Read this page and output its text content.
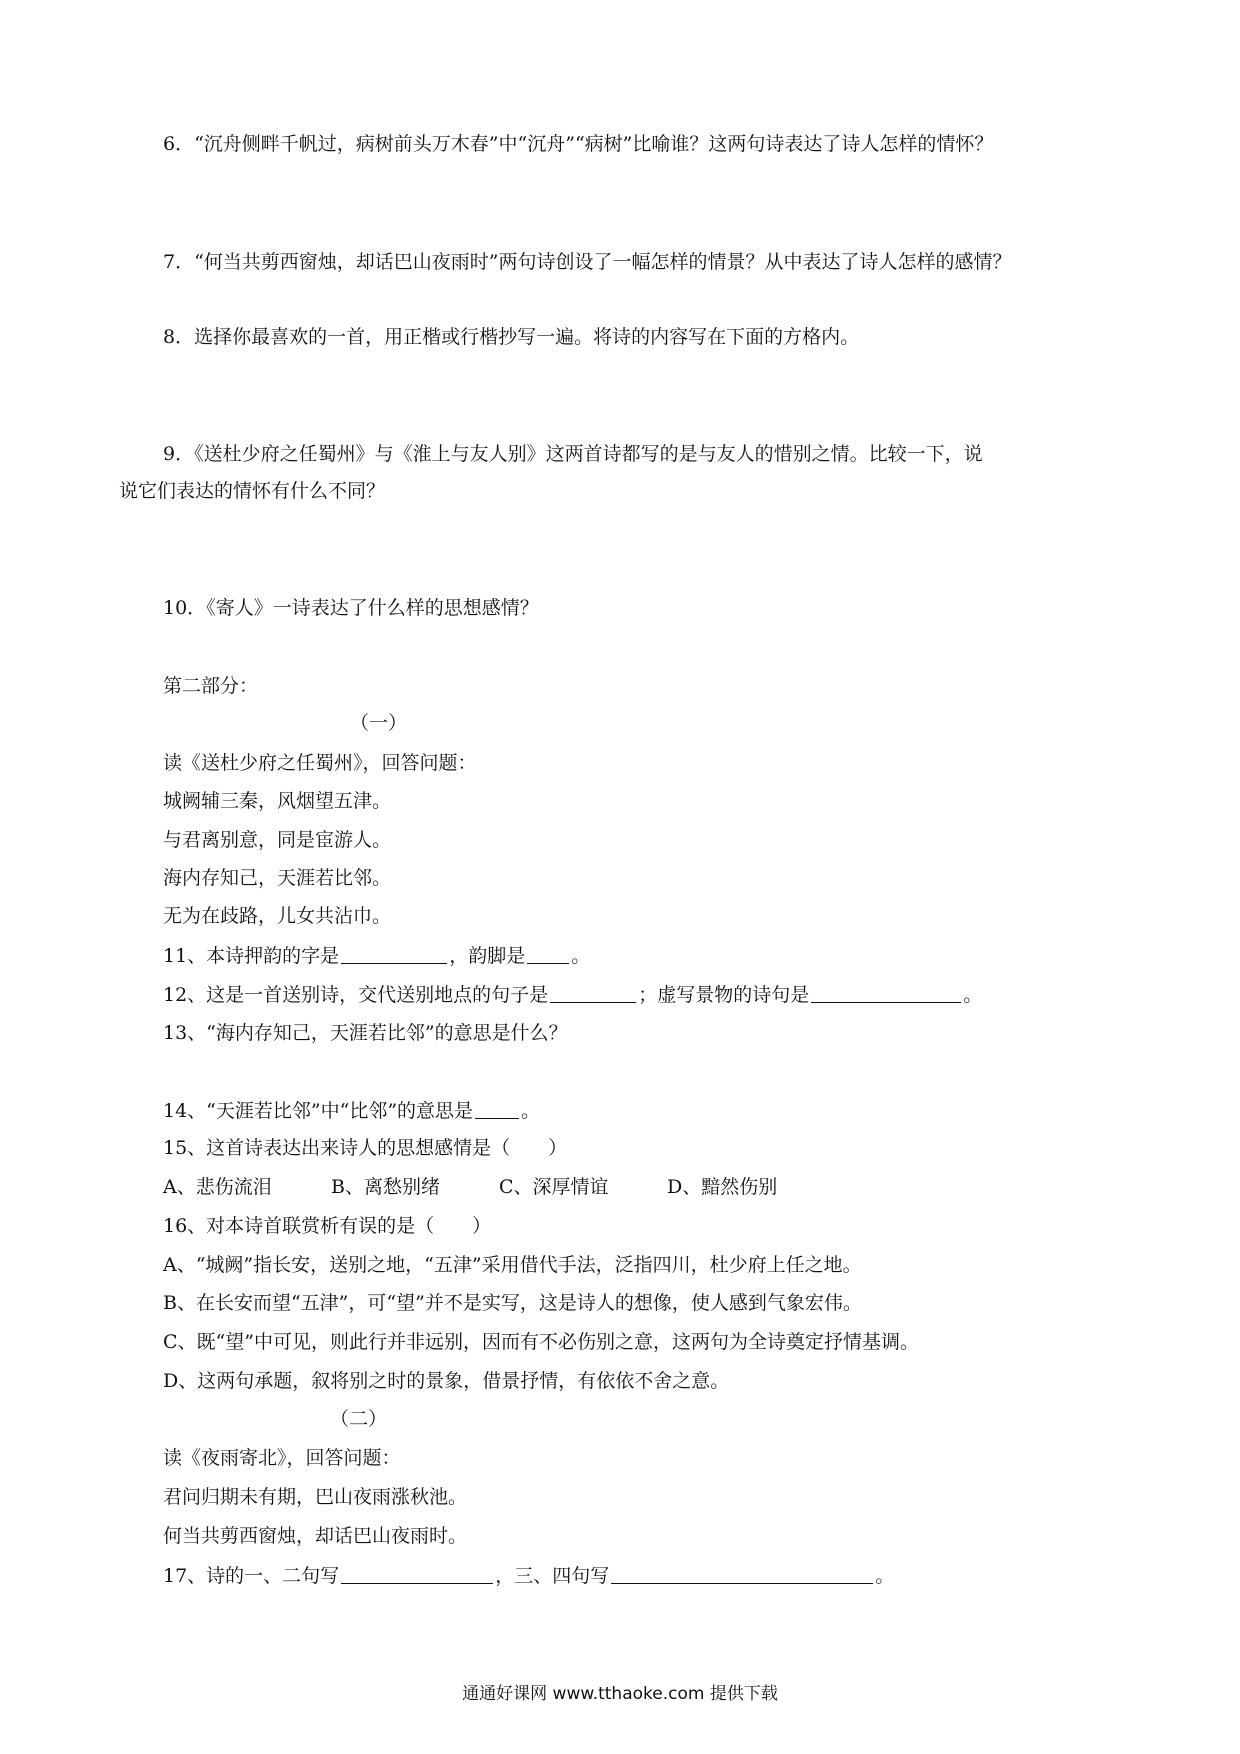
6．“沉舟侧畔千帆过，病树前头万木春”中“沉舟”“病树”比喻谁？这两句诗表达了诗人怎样的情怀？
7．“何当共剪西窗烛，却话巴山夜雨时”两句诗创设了一幅怎样的情景？从中表达了诗人怎样的感情？
8．选择你最喜欢的一首，用正楷或行楷抄写一遍。将诗的内容写在下面的方格内。
9．《送杜少府之任蜀州》与《淮上与友人别》这两首诗都写的是与友人的惜别之情。比较一下，说
说它们表达的情怀有什么不同？
10．《寄人》一诗表达了什么样的思想感情？
第二部分：
（一）
读《送杜少府之任蜀州》，回答问题：
城阙辅三秦，风烟望五津。
与君离别意，同是宦游人。
海内存知己，天涯若比邻。
无为在歧路，儿女共沾巾。
11、本诗押韵的字是	，韵脚是 。
12、这是一首送别诗，交代送别地点的句子是	；虚写景物的诗句是	。
13、“海内存知己，天涯若比邻”的意思是什么？
14、“天涯若比邻”中“比邻”的意思是	。
15、这首诗表达出来诗人的思想感情是（　　）
A、悲伤流泪	B、离愁别绪	C、深厚情谊	D、黯然伤别
16、对本诗首联赏析有误的是（　　）
A、“城阙”指长安，送别之地，“五津”采用借代手法，泛指四川，杜少府上任之地。
B、在长安而望“五津”，可“望”并不是实写，这是诗人的想像，使人感到气象宏伟。
C、既“望”中可见，则此行并非远别，因而有不必伤别之意，这两句为全诗奠定抒情基调。
D、这两句承题，叙将别之时的景象，借景抒情，有依依不舍之意。
（二）
读《夜雨寄北》，回答问题：
君问归期未有期，巴山夜雨涨秋池。
何当共剪西窗烛，却话巴山夜雨时。
17、诗的一、二句写	，三、四句写	。
通通好课网 www.tthaoke.com 提供下载
